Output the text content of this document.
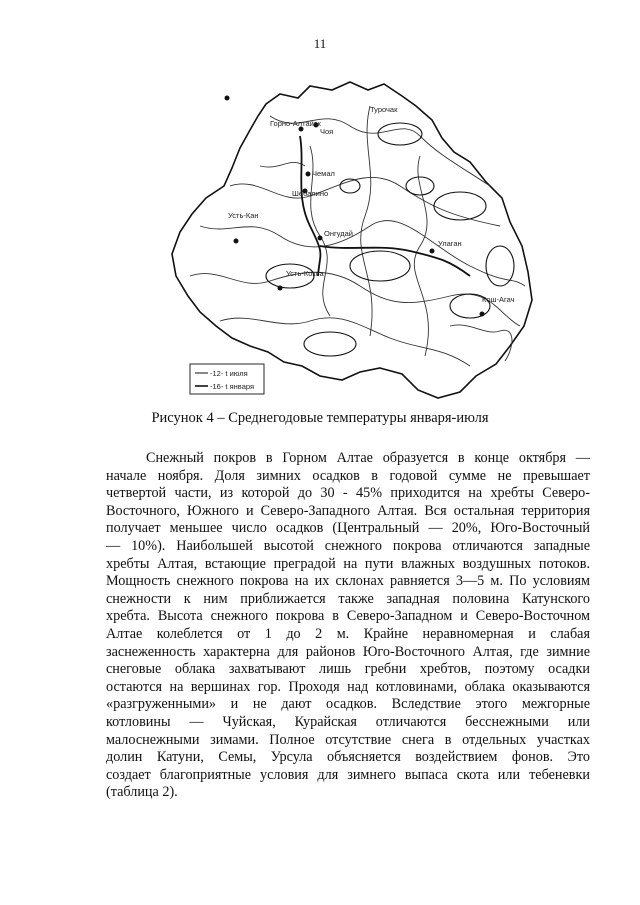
11
Турочак
Горно-Алтайск
Чоя
Чемал
Шебалино
Усть-Кан
Онгудай
Усть-Кокса
Улаган
Кош-Агач
-12- t июля
-16- t января
Рисунок 4 – Среднегодовые температуры января-июля
Снежный покров в Горном Алтае образуется в конце октября —
начале ноября. Доля зимних осадков в годовой сумме не превышает
четвертой части, из которой до 30 - 45% приходится на хребты Северо-
Восточного, Южного и Северо-Западного Алтая. Вся остальная территория
получает меньшее число осадков (Центральный — 20%, Юго-Восточный
— 10%). Наибольшей высотой снежного покрова отличаются западные
хребты Алтая, встающие преградой на пути влажных воздушных потоков.
Мощность снежного покрова на их склонах равняется 3—5 м. По условиям
снежности к ним приближается также западная половина Катунского
хребта. Высота снежного покрова в Северо-Западном и Северо-Восточном
Алтае колеблется от 1 до 2 м. Крайне неравномерная и слабая
заснеженность характерна для районов Юго-Восточного Алтая, где зимние
снеговые облака захватывают лишь гребни хребтов, поэтому осадки
остаются на вершинах гор. Проходя над котловинами, облака оказываются
«разгруженными» и не дают осадков. Вследствие этого межгорные
котловины — Чуйская, Курайская отличаются бесснежными или
малоснежными зимами. Полное отсутствие снега в отдельных участках
долин Катуни, Семы, Урсула объясняется воздействием фонов. Это
создает благоприятные условия для зимнего выпаса скота или тебеневки
(таблица 2).
